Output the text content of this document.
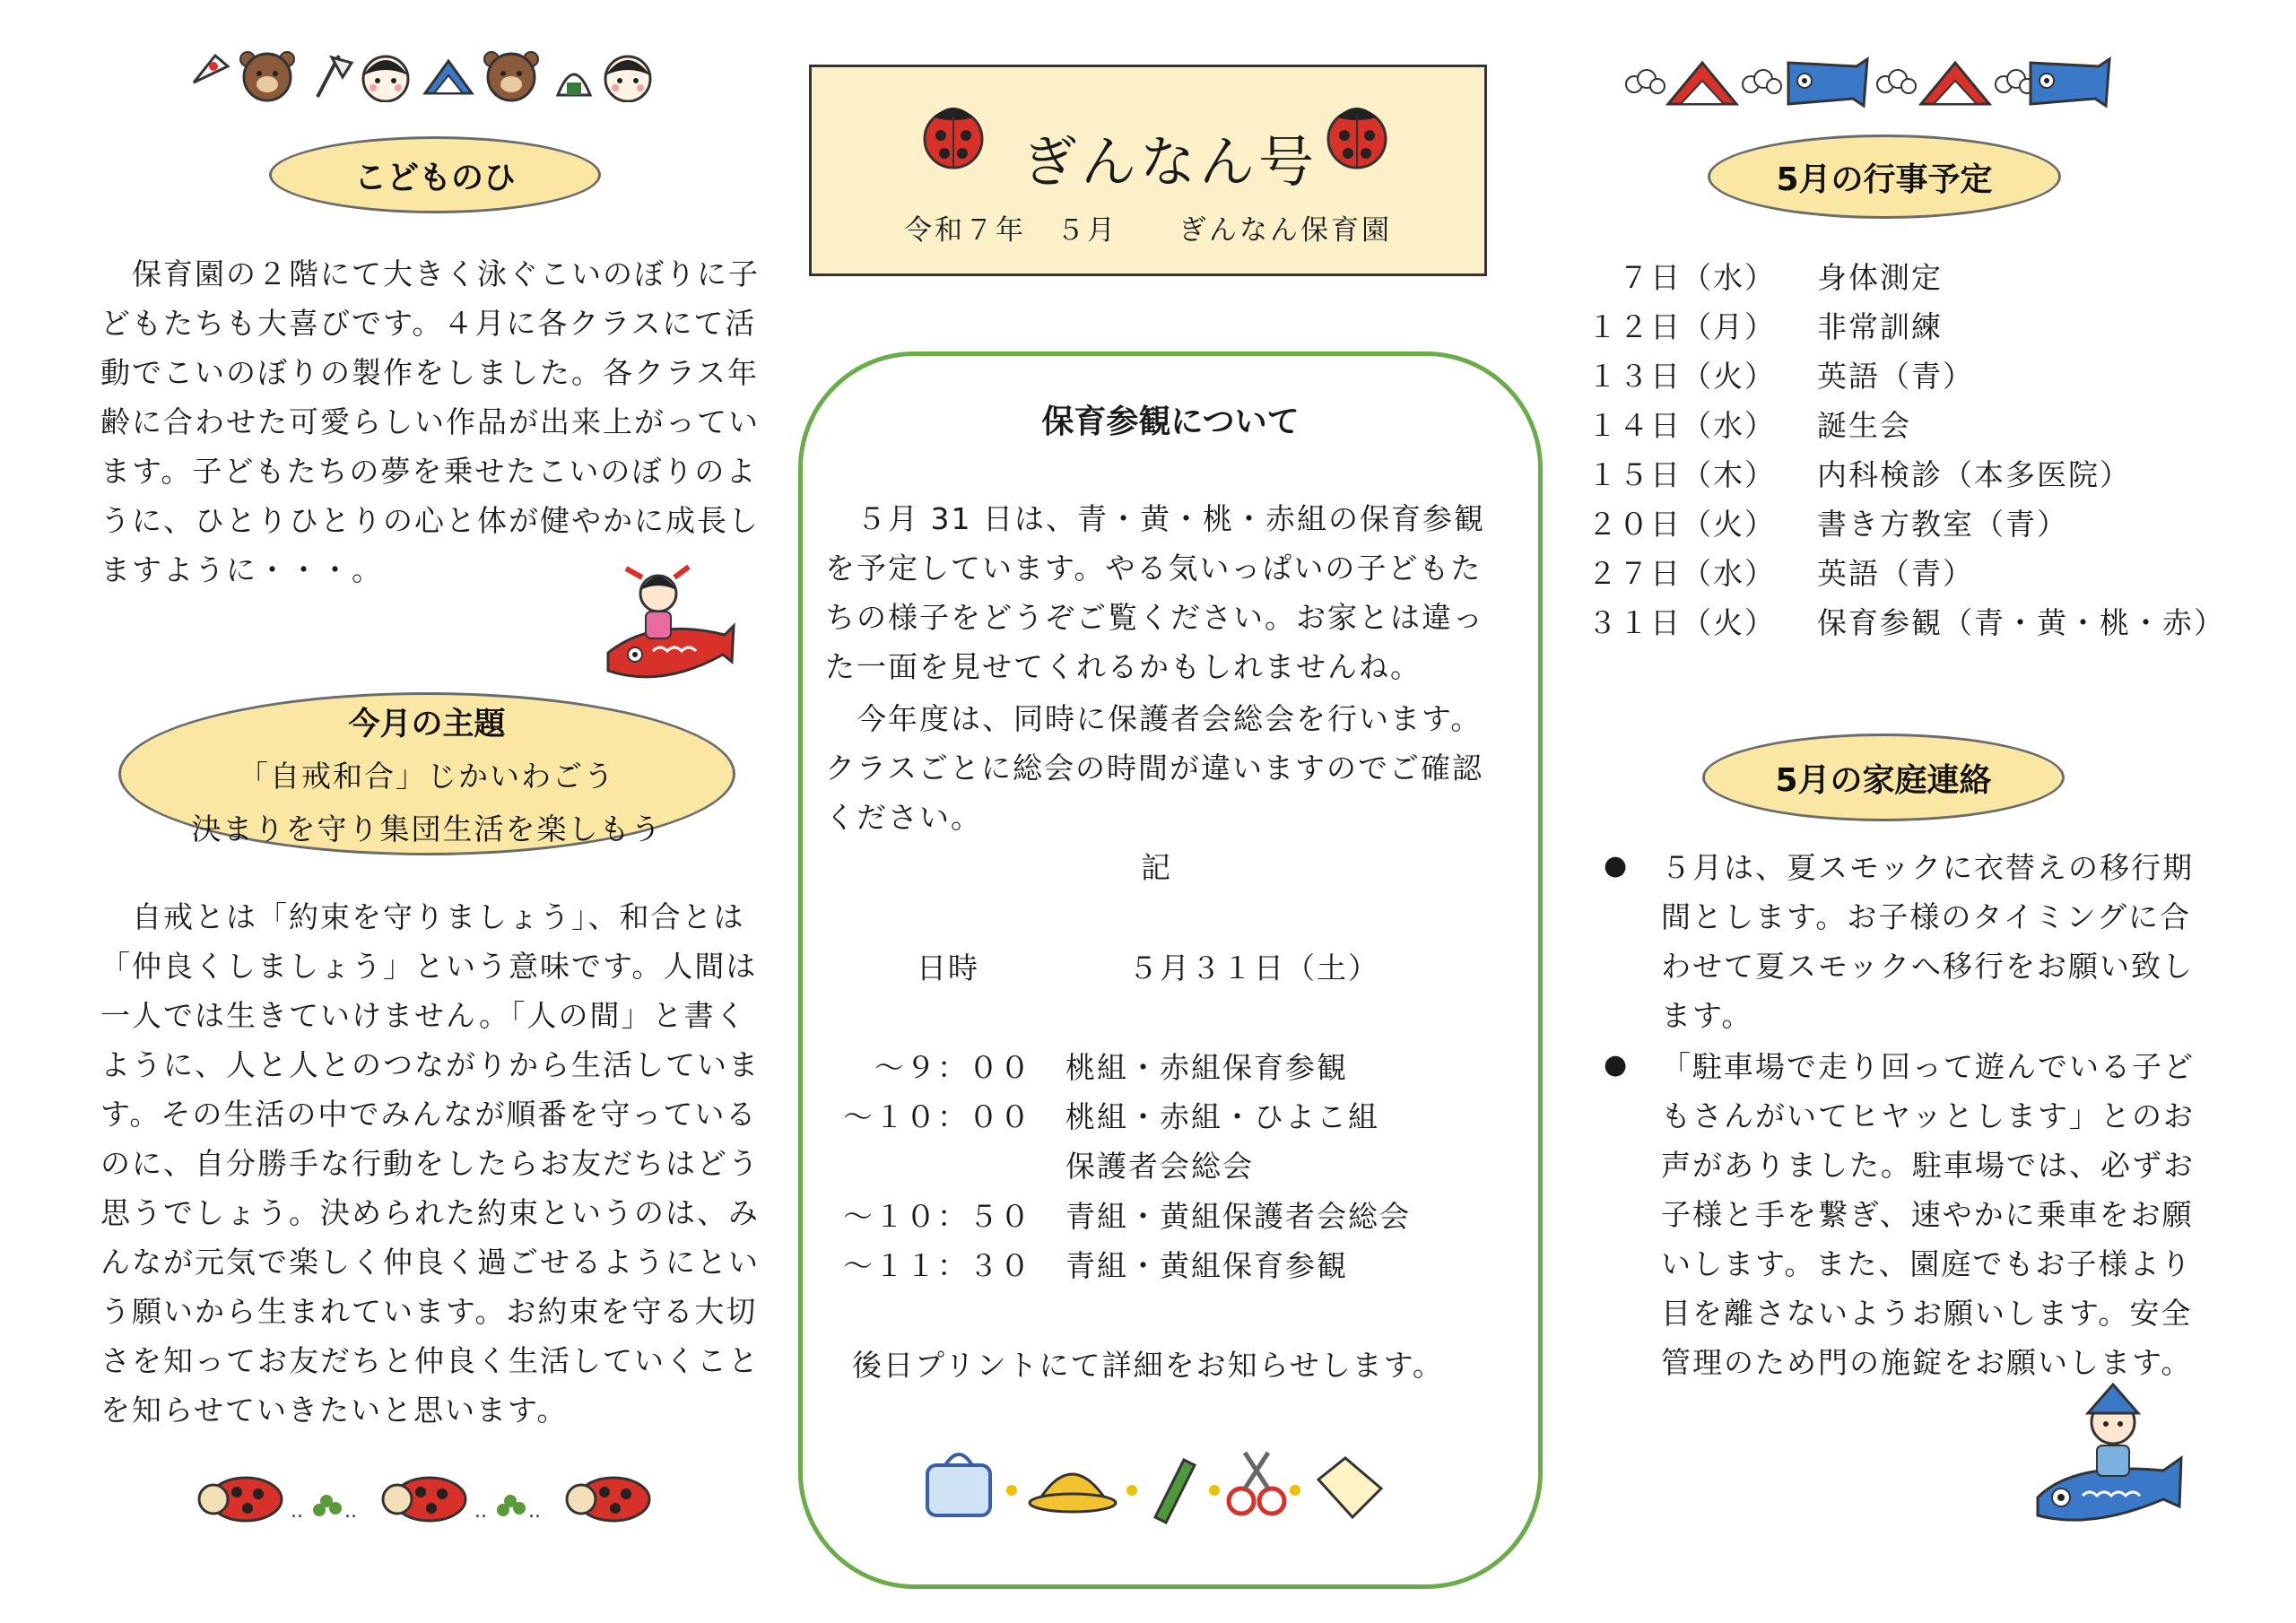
こどものひ
　保育園の２階にて大きく泳ぐこいのぼりに子どもたちも大喜びです。４月に各クラスにて活動でこいのぼりの製作をしました。各クラス年齢に合わせた可愛らしい作品が出来上がっています。子どもたちの夢を乗せたこいのぼりのように、ひとりひとりの心と体が健やかに成長しますように・・・。
今月の主題
「自戒和合」じかいわごう
決まりを守り集団生活を楽しもう
　自戒とは「約束を守りましょう」、和合とは「仲良くしましょう」という意味です。人間は一人では生きていけません。「人の間」と書くように、人と人とのつながりから生活しています。その生活の中でみんなが順番を守っているのに、自分勝手な行動をしたらお友だちはどう思うでしょう。決められた約束というのは、みんなが元気で楽しく仲良く過ごせるようにという願いから生まれています。お約束を守る大切さを知ってお友だちと仲良く生活していくことを知らせていきたいと思います。
.. ..	.. ..
ぎんなん号
令和７年　５月　　ぎんなん保育園
保育参観について
　５月 31 日は、青・黄・桃・赤組の保育参観を予定しています。やる気いっぱいの子どもたちの様子をどうぞご覧ください。お家とは違った一面を見せてくれるかもしれませんね。
　今年度は、同時に保護者会総会を行います。クラスごとに総会の時間が違いますのでご確認ください。
記
日時	５月３１日（土）
９：００～ 桃組・赤組保育参観
１０：００～ 桃組・赤組・ひよこ組
保護者会総会
１０：５０～ 青組・黄組保護者会総会
１１：３０～ 青組・黄組保育参観
後日プリントにて詳細をお知らせします。
5月の行事予定
７日（水） 身体測定
１２日（月） 非常訓練
１３日（火） 英語（青）
１４日（水） 誕生会
１５日（木） 内科検診（本多医院）
２０日（火） 書き方教室（青）
２７日（水） 英語（青）
３１日（火） 保育参観（青・黄・桃・赤）
5月の家庭連絡
● ５月は、夏スモックに衣替えの移行期間とします。お子様のタイミングに合わせて夏スモックへ移行をお願い致します。
● 「駐車場で走り回って遊んでいる子どもさんがいてヒヤッとします」とのお声がありました。駐車場では、必ずお子様と手を繋ぎ、速やかに乗車をお願いします。また、園庭でもお子様より目を離さないようお願いします。安全管理のため門の施錠をお願いします。
